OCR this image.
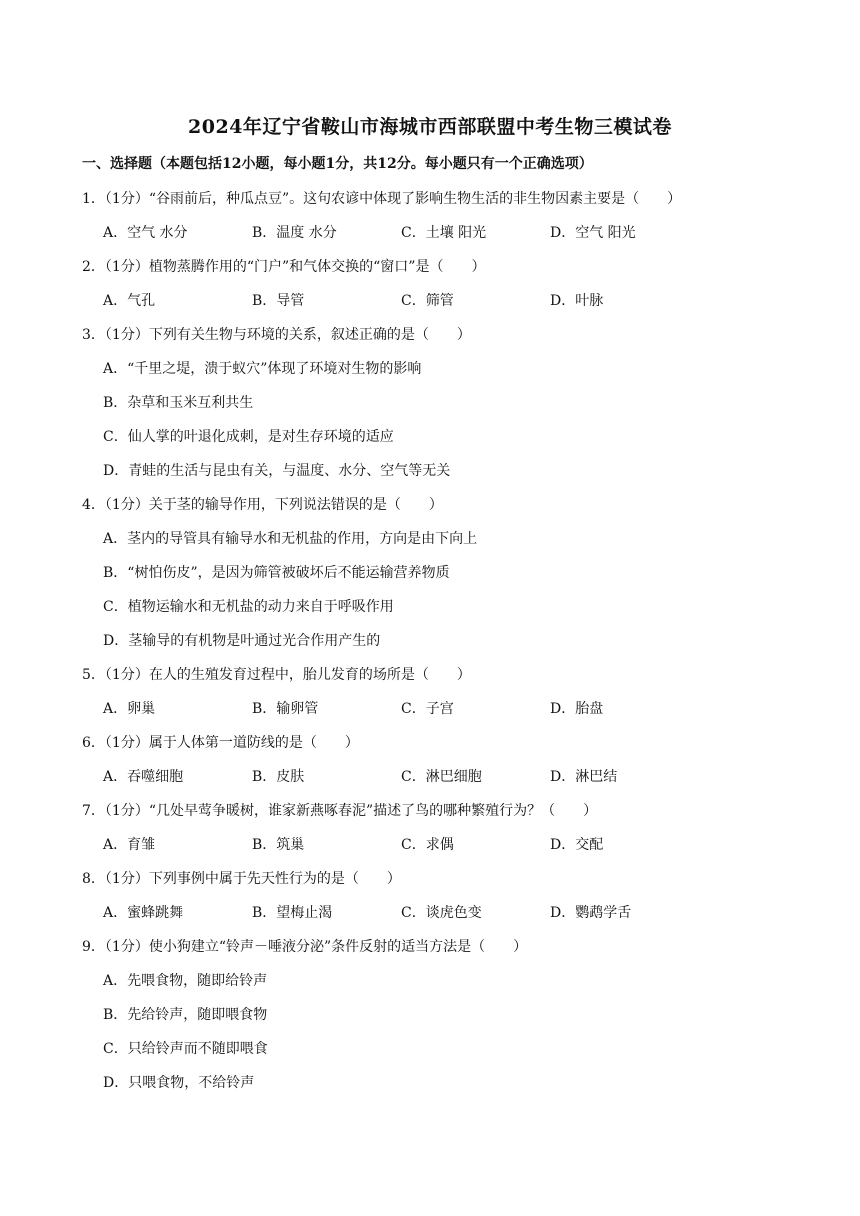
2024年辽宁省鞍山市海城市西部联盟中考生物三模试卷
一、选择题（本题包括12小题，每小题1分，共12分。每小题只有一个正确选项）
1．（1分）“谷雨前后，种瓜点豆”。这句农谚中体现了影响生物生活的非生物因素主要是（　　）
A．空气 水分	B．温度 水分	C．土壤 阳光	D．空气 阳光
2．（1分）植物蒸腾作用的“门户”和气体交换的“窗口”是（　　）
A．气孔	B．导管	C．筛管	D．叶脉
3．（1分）下列有关生物与环境的关系，叙述正确的是（　　）
A．“千里之堤，溃于蚁穴”体现了环境对生物的影响
B．杂草和玉米互利共生
C．仙人掌的叶退化成刺，是对生存环境的适应
D．青蛙的生活与昆虫有关，与温度、水分、空气等无关
4．（1分）关于茎的输导作用，下列说法错误的是（　　）
A．茎内的导管具有输导水和无机盐的作用，方向是由下向上
B．“树怕伤皮”，是因为筛管被破坏后不能运输营养物质
C．植物运输水和无机盐的动力来自于呼吸作用
D．茎输导的有机物是叶通过光合作用产生的
5．（1分）在人的生殖发育过程中，胎儿发育的场所是（　　）
A．卵巢	B．输卵管	C．子宫	D．胎盘
6．（1分）属于人体第一道防线的是（　　）
A．吞噬细胞	B．皮肤	C．淋巴细胞	D．淋巴结
7．（1分）“几处早莺争暖树，谁家新燕啄春泥”描述了鸟的哪种繁殖行为？（　　）
A．育雏	B．筑巢	C．求偶	D．交配
8．（1分）下列事例中属于先天性行为的是（　　）
A．蜜蜂跳舞	B．望梅止渴	C．谈虎色变	D．鹦鹉学舌
9．（1分）使小狗建立“铃声－唾液分泌”条件反射的适当方法是（　　）
A．先喂食物，随即给铃声
B．先给铃声，随即喂食物
C．只给铃声而不随即喂食
D．只喂食物，不给铃声
